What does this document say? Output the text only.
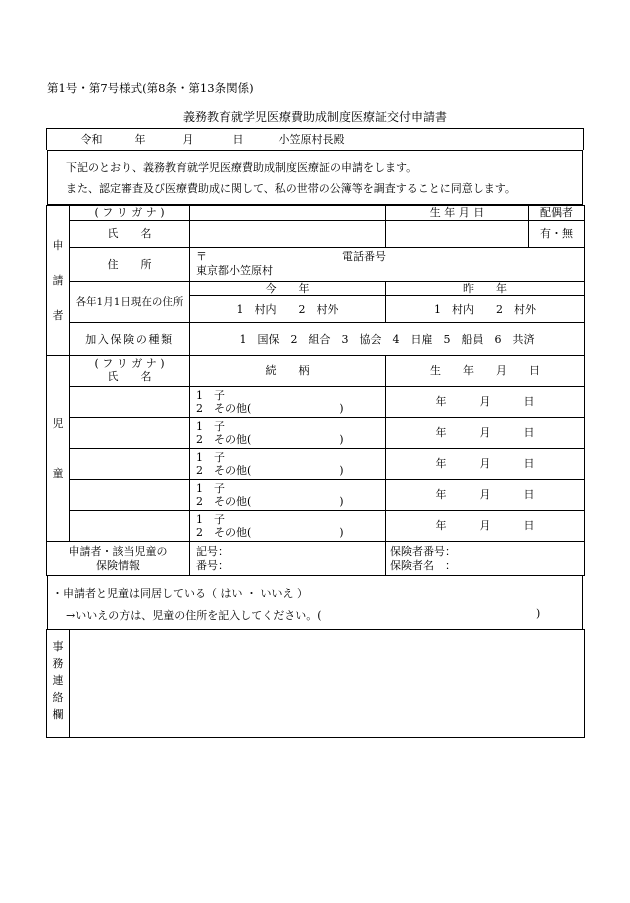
第1号・第7号様式(第8条・第13条関係)
義務教育就学児医療費助成制度医療証交付申請書
令和	年	月	日	小笠原村長殿
下記のとおり、義務教育就学児医療費助成制度医療証の申請をします。
また、認定審査及び医療費助成に関して、私の世帯の公簿等を調査することに同意します。
申
請
者	( フ リ ガ ナ )		生 年 月 日	配偶者
	氏　　名			有・無
	住　　所	〒 電話番号
東京都小笠原村		

	各年1月1日現在の住所	今　　年	昨　　年	
		1　村内　　2　村外	1　村内　　2　村外	
	加入保険の種類	1　国保　2　組合　3　協会　4　日雇　5　船員　6　共済		
児
童	( フ リ ガ ナ )
氏　　名	続　　柄	生　　年　　月　　日

		1　子
2　その他(　　　　　　　　)	年　　　月　　　日

		1　子
2　その他(　　　　　　　　)	年　　　月　　　日

		1　子
2　その他(　　　　　　　　)	年　　　月　　　日

		1　子
2　その他(　　　　　　　　)	年　　　月　　　日

		1　子
2　その他(　　　　　　　　)	年　　　月　　　日
申請者・該当児童の
保険情報

記号：
番号：

保険者番号：
保険者名　：
・申請者と児童は同居している（ はい ・ いいえ ）
→いいえの方は、児童の住所を記入してください。(	)
事
務
連
絡
欄
